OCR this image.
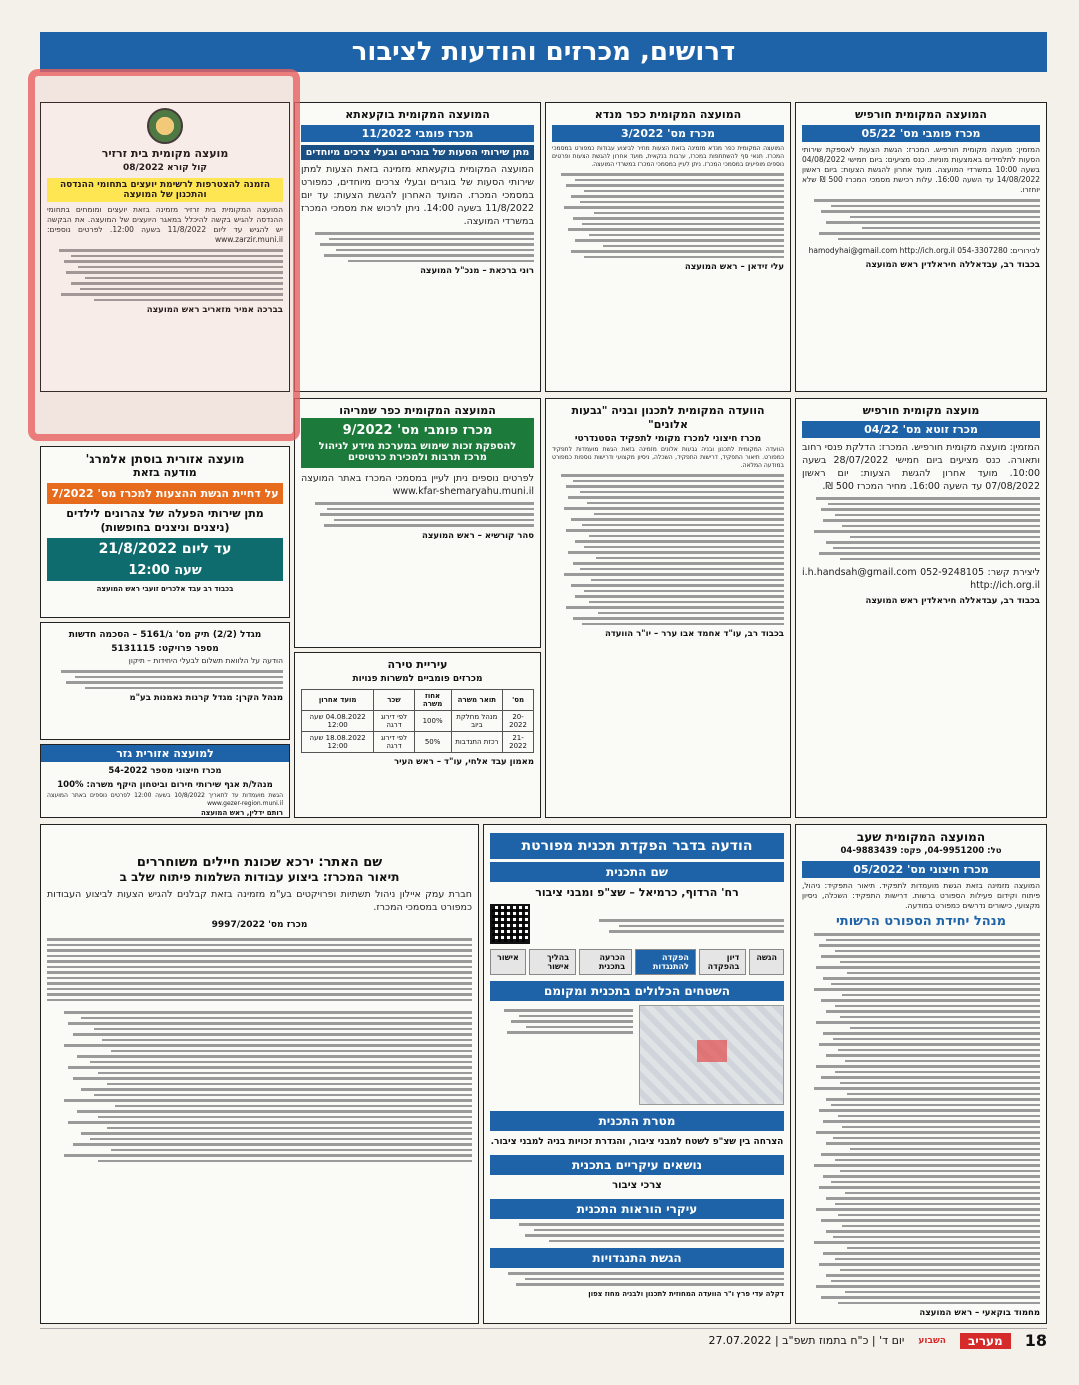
דרושים, מכרזים והודעות לציבור
המועצה המקומית חורפיש
מכרז פומבי מס' 05/22
המזמין: מועצה מקומית חורפיש. המכרז: הגשת הצעות לאספקת שירותי הסעות לתלמידים באמצעות מוניות. כנס מציעים: ביום חמישי 04/08/2022 בשעה 10:00 במשרדי המועצה. מועד אחרון להגשת הצעות: ביום ראשון 14/08/2022 עד השעה 16:00. עלות רכישת מסמכי המכרז 500 ₪ שלא יוחזרו.
לבירורים: 054-3307280 hamodyhai@gmail.com http://ich.org.il
בכבוד רב, עבדאללה חיראלדין ראש המועצה
המועצה המקומית כפר מנדא
מכרז מס' 3/2022
המועצה המקומית כפר מנדא מזמינה בזאת הצעות מחיר לביצוע עבודות כמפורט במסמכי המכרז. תנאי סף להשתתפות במכרז, ערבות בנקאית, מועד אחרון להגשת הצעות ופרטים נוספים מופיעים במסמכי המכרז. ניתן לעיין במסמכי המכרז במשרדי המועצה.
עלי זידאן – ראש המועצה
המועצה המקומית בוקעאתא
מכרז פומבי 11/2022
מתן שירותי הסעות של בוגרים ובעלי צרכים מיוחדים
המועצה המקומית בוקעאתא מזמינה בזאת הצעות למתן שירותי הסעות של בוגרים ובעלי צרכים מיוחדים, כמפורט במסמכי המכרז. המועד האחרון להגשת הצעות: עד יום 11/8/2022 בשעה 14:00. ניתן לרכוש את מסמכי המכרז במשרדי המועצה.
רוני ברכאת – מנכ"ל המועצה
מועצה מקומית בית זרזיר
קול קורא 08/2022
הזמנה להצטרפות לרשימת יועצים בתחומי ההנדסה והתכנון של המועצה
המועצה המקומית בית זרזיר מזמינה בזאת יועצים ומומחים בתחומי ההנדסה להגיש בקשה להיכלל במאגר היועצים של המועצה. את הבקשה יש להגיש עד ליום 11/8/2022 בשעה 12:00. לפרטים נוספים: www.zarzir.muni.il
בברכה אמיר מזאריב ראש המועצה
מועצה מקומית חורפיש
מכרז זוטא מס' 04/22
המזמין: מועצה מקומית חורפיש. המכרז: הדלקת פנסי רחוב ותאורה. כנס מציעים ביום חמישי 28/07/2022 בשעה 10:00. מועד אחרון להגשת הצעות: יום ראשון 07/08/2022 עד השעה 16:00. מחיר המכרז 500 ₪.
ליצירת קשר: 052-9248105 i.h.handsah@gmail.com http://ich.org.il
בכבוד רב, עבדאללה חיראלדין ראש המועצה
הוועדה המקומית לתכנון ובניה "גבעות אלונים"
מכרז חיצוני למכרז מקומי לתפקיד הסטנדרטי
הוועדה המקומית לתכנון ובניה גבעות אלונים מזמינה בזאת הגשת מועמדות לתפקיד כמפורט. תיאור התפקיד, דרישות התפקיד, השכלה, ניסיון מקצועי ודרישות נוספות כמפורט במודעה המלאה.
בכבוד רב, עו"ד אחמד אבו ערר – יו"ר הוועדה
המועצה המקומית כפר שמריהו
מכרז פומבי מס' 9/2022
להספקת זכות שימוש במערכת מידע לניהול מרכז תרבות ולמכירת כרטיסים
לפרטים נוספים ניתן לעיין במסמכי המכרז באתר המועצה www.kfar-shemaryahu.muni.il
סהר קורשיא – ראש המועצה
עיריית טירה
מכרזים פומביים למשרות פנויות
מס'	תואר משרה	אחוז משרה	שכר	מועד אחרון
20-2022	מנהל מחלקת ביוב	100%	לפי דירוג דרגה	04.08.2022 שעה 12:00
21-2022	רכזת התנדבות	50%	לפי דירוג דרגה	18.08.2022 שעה 12:00
מאמון עבד אלחי, עו"ד – ראש העיר
מועצה אזורית בוסתן אלמרג'
מודעה בזאת
על דחיית הגשת ההצעות למכרז מס' 7/2022
מתן שירותי הפעלה של צהרונים לילדים (ניצנים וניצנים בחופשות)
עד ליום 21/8/2022
שעה 12:00
בכבוד רב עבד אלכרים זועבי ראש המועצה
מגדל (2/2) תיק מס' ג/5161 – הסכמה חדשות
מספר פרויקט: 5131115
הודעה על הלוואת תשלום לבעלי היחידות – תיקון
מנהל הקרן: מגדל קרנות נאמנות בע"מ
למועצה אזורית גזר
מכרז חיצוני מספר 54-2022
מנהל/ת אגף שירותי חירום וביטחון היקף משרה: 100%
הגשת מועמדות עד לתאריך 10/8/2022 בשעה 12:00 לפרטים נוספים באתר המועצה www.gezer-region.muni.il
רותם ידלין, ראש המועצה
המועצה המקומית שעב
טל: 04-9951200, פקס: 04-9883439
מכרז חיצוני מס' 05/2022
המועצה מזמינה בזאת הגשת מועמדות לתפקיד. תיאור התפקיד: ניהול, פיתוח וקידום פעילות הספורט ברשות. דרישות התפקיד: השכלה, ניסיון מקצועי, כישורים נדרשים כמפורט במודעה.
מנהל יחידת הספורט הרשותי
מחמוד בוקאעי – ראש המועצה
הודעה בדבר הפקדת תכנית מפורטת
שם התכנית
רח' הרדוף, כרמיאל – שצ"פ ומבני ציבור
הגשה
דיון בהפקדה
הפקדה להתנגדות
הכרעה בתכנית
בהליך אישור
אישור
השטחים הכלולים בתכנית ומקומם
מטרת התכנית
הצרחה בין שצ"פ לשטח למבני ציבור, והגדרת זכויות בניה למבני ציבור.
נושאים עיקריים בתכנית
צרכי ציבור
עיקרי הוראות התכנית
הגשת התנגדויות
דקלה עדי פרץ ו"ר הוועדה המחוזית לתכנון ולבניה מחוז צפון
שם האתר: ירכא שכונת חיילים משוחררים
תיאור המכרז: ביצוע עבודות השלמות פיתוח שלב ב
חברת עמק איילון ניהול תשתיות ופרויקטים בע"מ מזמינה בזאת קבלנים להגיש הצעות לביצוע העבודות כמפורט במסמכי המכרז.
מכרז מס' 9997/2022
18
מעריב
השבוע
יום ד' | כ"ח בתמוז תשפ"ב | 27.07.2022
